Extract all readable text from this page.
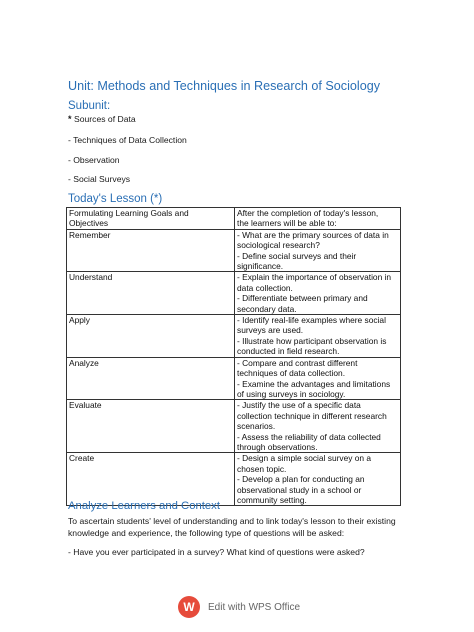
Unit: Methods and Techniques in Research of Sociology
Subunit:
* Sources of Data
- Techniques of Data Collection
- Observation
- Social Surveys
Today's Lesson (*)
Formulating Learning Goals and
Objectives	After the completion of today's lesson,
the learners will be able to:

Remember	- What are the primary sources of data in
sociological research?
- Define social surveys and their
significance.

Understand	- Explain the importance of observation in
data collection.
- Differentiate between primary and
secondary data.

Apply	- Identify real-life examples where social
surveys are used.
- Illustrate how participant observation is
conducted in field research.

Analyze	- Compare and contrast different
techniques of data collection.
- Examine the advantages and limitations
of using surveys in sociology.

Evaluate	- Justify the use of a specific data
collection technique in different research
scenarios.
- Assess the reliability of data collected
through observations.

Create	- Design a simple social survey on a
chosen topic.
- Develop a plan for conducting an
observational study in a school or
community setting.
Analyze Learners and Context
To ascertain students' level of understanding and to link today's lesson to their existing
knowledge and experience, the following type of questions will be asked:
- Have you ever participated in a survey? What kind of questions were asked?
W Edit with WPS Office
